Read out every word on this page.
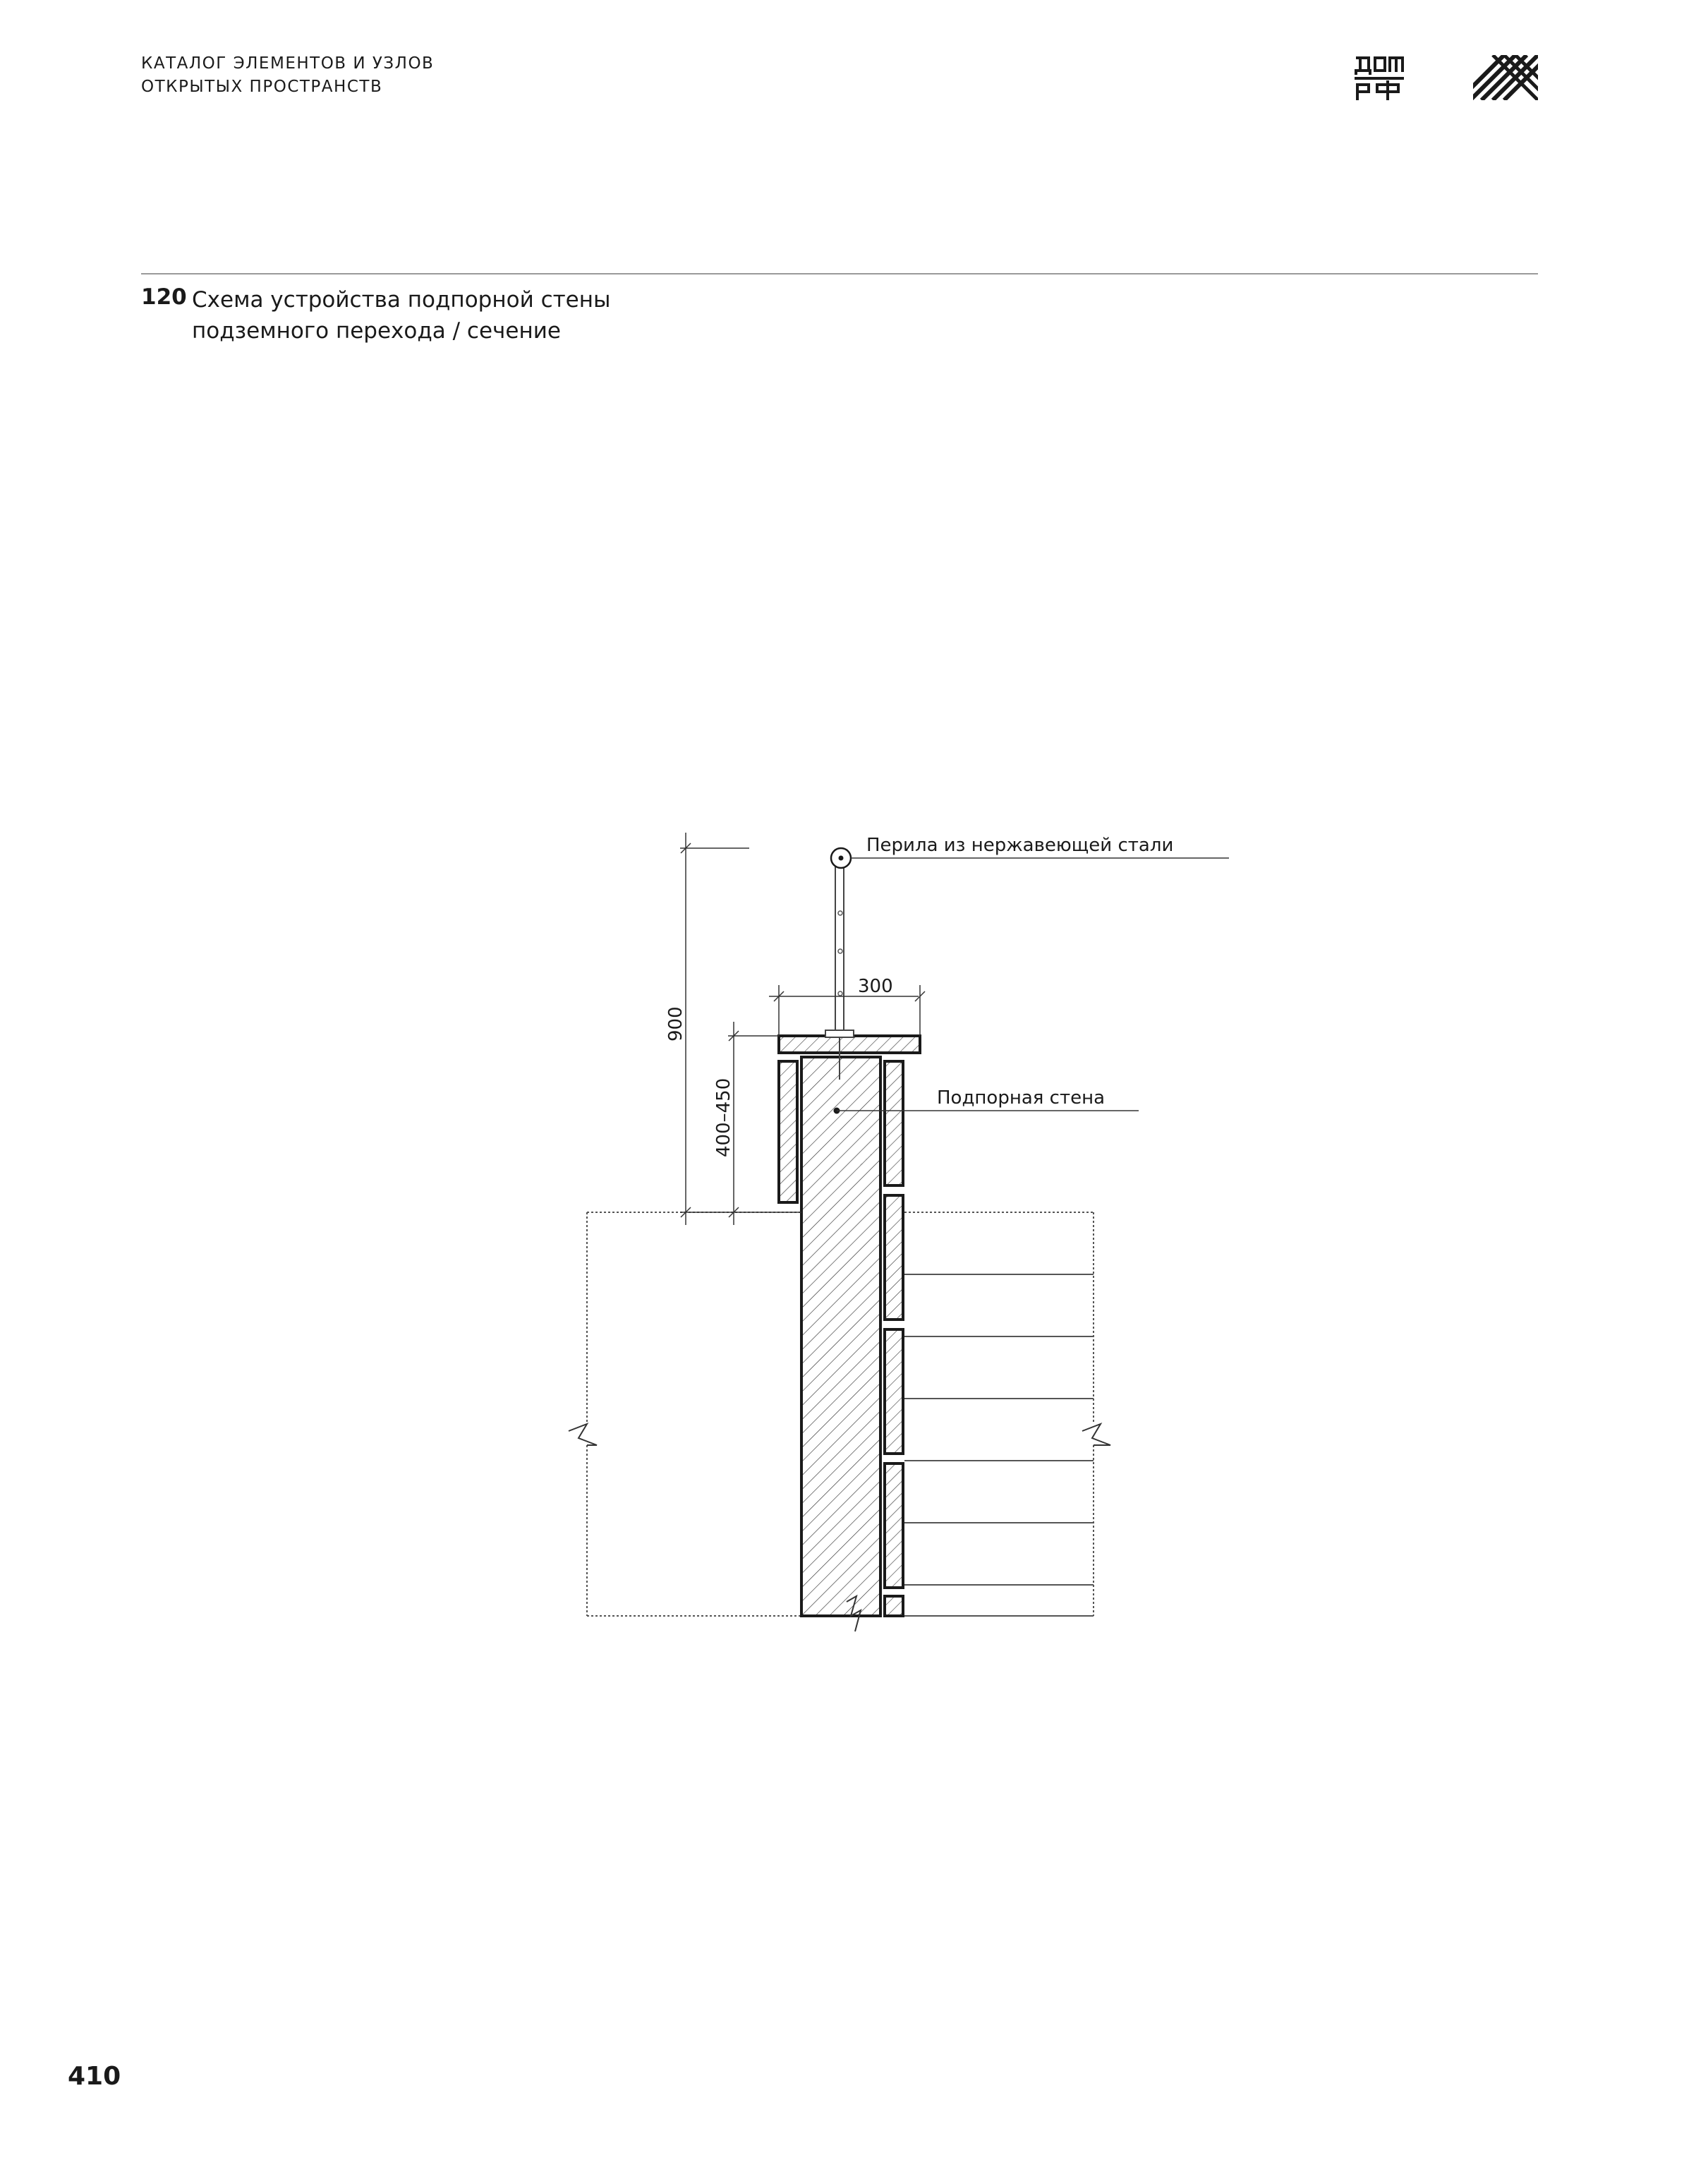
КАТАЛОГ ЭЛЕМЕНТОВ И УЗЛОВ
ОТКРЫТЫХ ПРОСТРАНСТВ
120 Схема устройства подпорной стены
подземного перехода / сечение
900
400–450
300
Перила из нержавеющей стали
Подпорная стена
410
